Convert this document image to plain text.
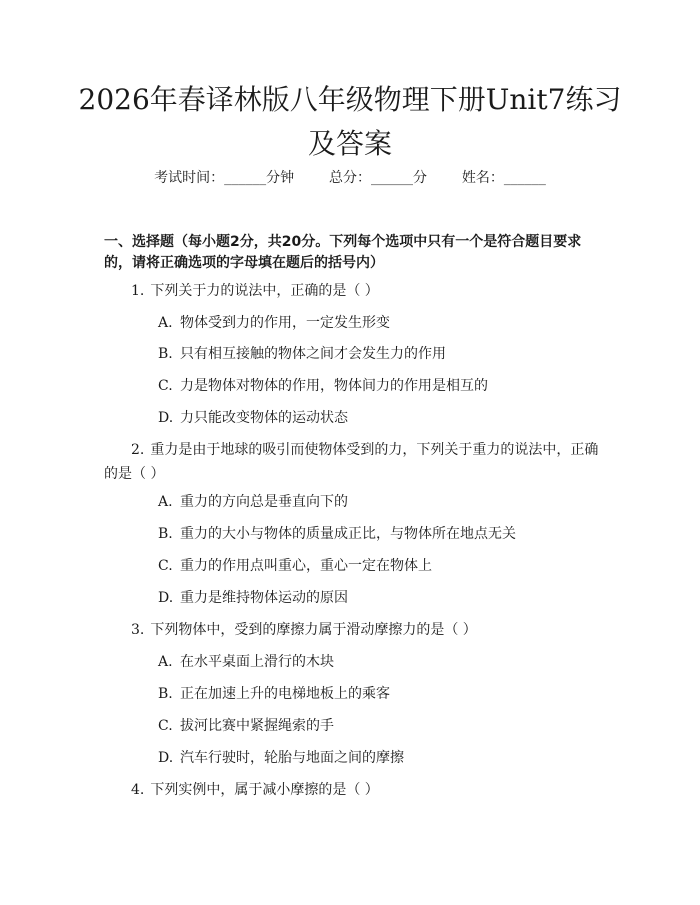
2026年春译林版八年级物理下册Unit7练习及答案
考试时间：______分钟 总分：______分 姓名：______
一、选择题（每小题2分，共20分。下列每个选项中只有一个是符合题目要求的，请将正确选项的字母填在题后的括号内）

1. 下列关于力的说法中，正确的是（ ）

A. 物体受到力的作用，一定发生形变

B. 只有相互接触的物体之间才会发生力的作用

C. 力是物体对物体的作用，物体间力的作用是相互的

D. 力只能改变物体的运动状态

2. 重力是由于地球的吸引而使物体受到的力，下列关于重力的说法中，正确的是（ ）

A. 重力的方向总是垂直向下的

B. 重力的大小与物体的质量成正比，与物体所在地点无关

C. 重力的作用点叫重心，重心一定在物体上

D. 重力是维持物体运动的原因

3. 下列物体中，受到的摩擦力属于滑动摩擦力的是（ ）

A. 在水平桌面上滑行的木块

B. 正在加速上升的电梯地板上的乘客

C. 拔河比赛中紧握绳索的手

D. 汽车行驶时，轮胎与地面之间的摩擦

4. 下列实例中，属于减小摩擦的是（ ）
